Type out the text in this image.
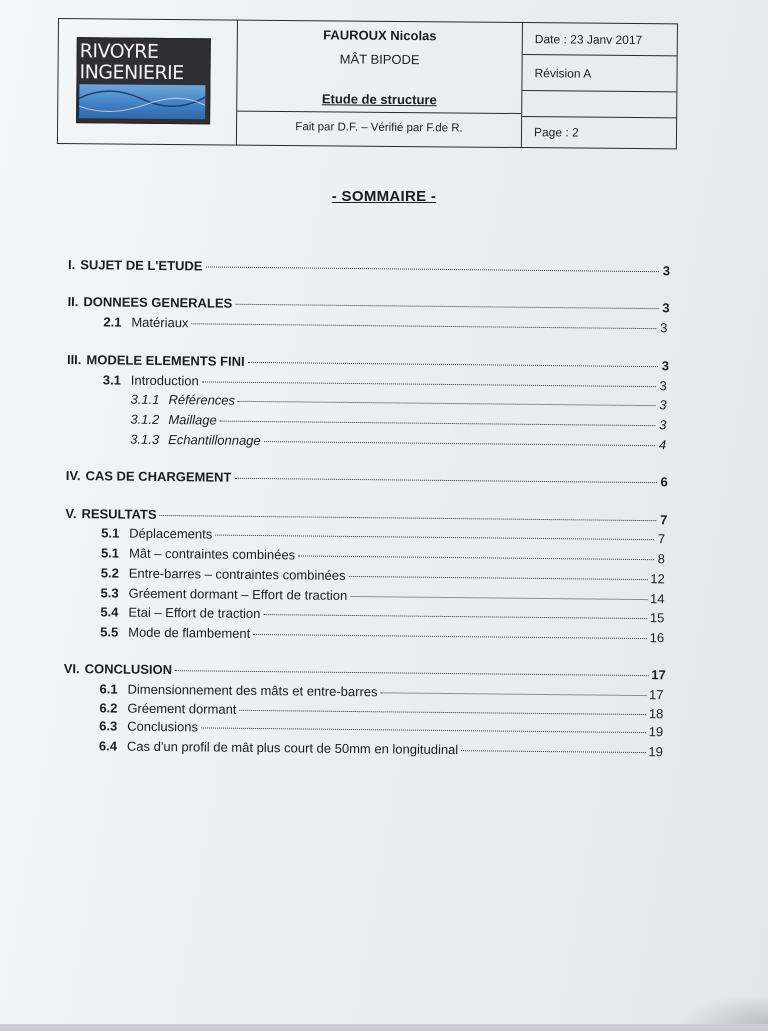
RIVOYRE
INGENIERIE
FAUROUX Nicolas
MÂT BIPODE
Etude de structure
Fait par D.F. – Vérifié par F.de R.
Date : 23 Janv 2017
Révision A
Page : 2
- SOMMAIRE -
I. SUJET DE L'ETUDE	3
II. DONNEES GENERALES	3
2.1 Matériaux	3
III. MODELE ELEMENTS FINI	3
3.1 Introduction	3
3.1.1 Références	3
3.1.2 Maillage	3
3.1.3 Echantillonnage	4
IV. CAS DE CHARGEMENT	6
V. RESULTATS	7
5.1 Déplacements	7
5.1 Mât – contraintes combinées	8
5.2 Entre-barres – contraintes combinées	12
5.3 Gréement dormant – Effort de traction	14
5.4 Etai – Effort de traction	15
5.5 Mode de flambement	16
VI. CONCLUSION	17
6.1 Dimensionnement des mâts et entre-barres	17
6.2 Gréement dormant	18
6.3 Conclusions	19
6.4 Cas d'un profil de mât plus court de 50mm en longitudinal	19
